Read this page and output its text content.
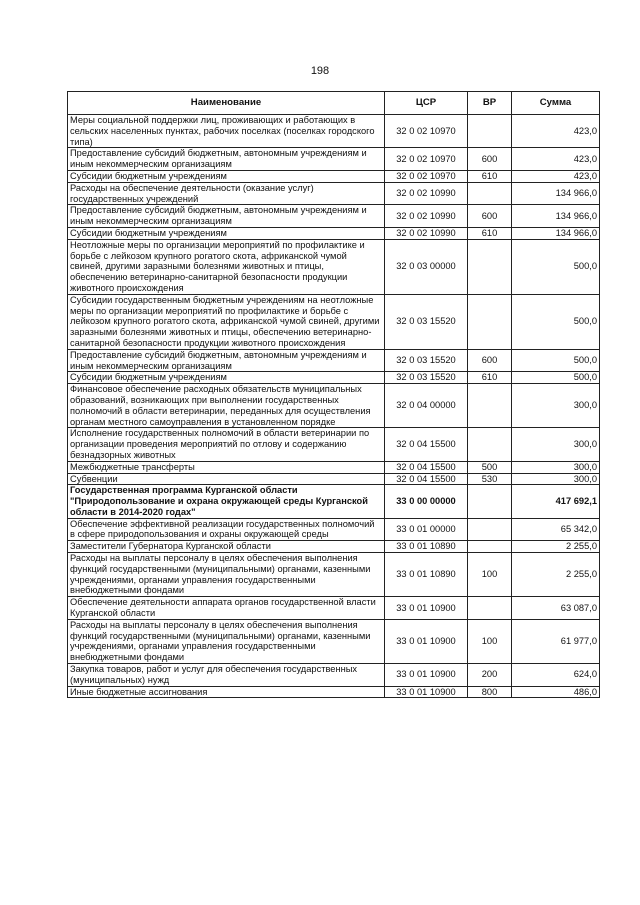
198
Наименование	ЦСР	ВР	Сумма
Меры социальной поддержки лиц, проживающих и работающих в сельских населенных пунктах, рабочих поселках (поселках городского типа)	32 0 02 10970		423,0
Предоставление субсидий бюджетным, автономным учреждениям и иным некоммерческим организациям	32 0 02 10970	600	423,0
Субсидии бюджетным учреждениям	32 0 02 10970	610	423,0
Расходы на обеспечение деятельности (оказание услуг) государственных учреждений	32 0 02 10990		134 966,0
Предоставление субсидий бюджетным, автономным учреждениям и иным некоммерческим организациям	32 0 02 10990	600	134 966,0
Субсидии бюджетным учреждениям	32 0 02 10990	610	134 966,0
Неотложные меры по организации мероприятий по профилактике и борьбе с лейкозом крупного рогатого скота, африканской чумой свиней, другими заразными болезнями животных и птицы, обеспечению ветеринарно-санитарной безопасности продукции животного происхождения	32 0 03 00000		500,0
Субсидии государственным бюджетным учреждениям на неотложные меры по организации мероприятий по профилактике и борьбе с лейкозом крупного рогатого скота, африканской чумой свиней, другими заразными болезнями животных и птицы, обеспечению ветеринарно-санитарной безопасности продукции животного происхождения	32 0 03 15520		500,0
Предоставление субсидий бюджетным, автономным учреждениям и иным некоммерческим организациям	32 0 03 15520	600	500,0
Субсидии бюджетным учреждениям	32 0 03 15520	610	500,0
Финансовое обеспечение расходных обязательств муниципальных образований, возникающих при выполнении государственных полномочий в области ветеринарии, переданных для осуществления органам местного самоуправления в установленном порядке	32 0 04 00000		300,0
Исполнение государственных полномочий в области ветеринарии по организации проведения мероприятий по отлову и содержанию безнадзорных животных	32 0 04 15500		300,0
Межбюджетные трансферты	32 0 04 15500	500	300,0
Субвенции	32 0 04 15500	530	300,0
Государственная программа Курганской области "Природопользование и охрана окружающей среды Курганской области в 2014-2020 годах"	33 0 00 00000		417 692,1
Обеспечение эффективной реализации государственных полномочий в сфере природопользования и охраны окружающей среды	33 0 01 00000		65 342,0
Заместители Губернатора Курганской области	33 0 01 10890		2 255,0
Расходы на выплаты персоналу в целях обеспечения выполнения функций государственными (муниципальными) органами, казенными учреждениями, органами управления государственными внебюджетными фондами	33 0 01 10890	100	2 255,0
Обеспечение деятельности аппарата органов государственной власти Курганской области	33 0 01 10900		63 087,0
Расходы на выплаты персоналу в целях обеспечения выполнения функций государственными (муниципальными) органами, казенными учреждениями, органами управления государственными внебюджетными фондами	33 0 01 10900	100	61 977,0
Закупка товаров, работ и услуг для обеспечения государственных (муниципальных) нужд	33 0 01 10900	200	624,0
Иные бюджетные ассигнования	33 0 01 10900	800	486,0
